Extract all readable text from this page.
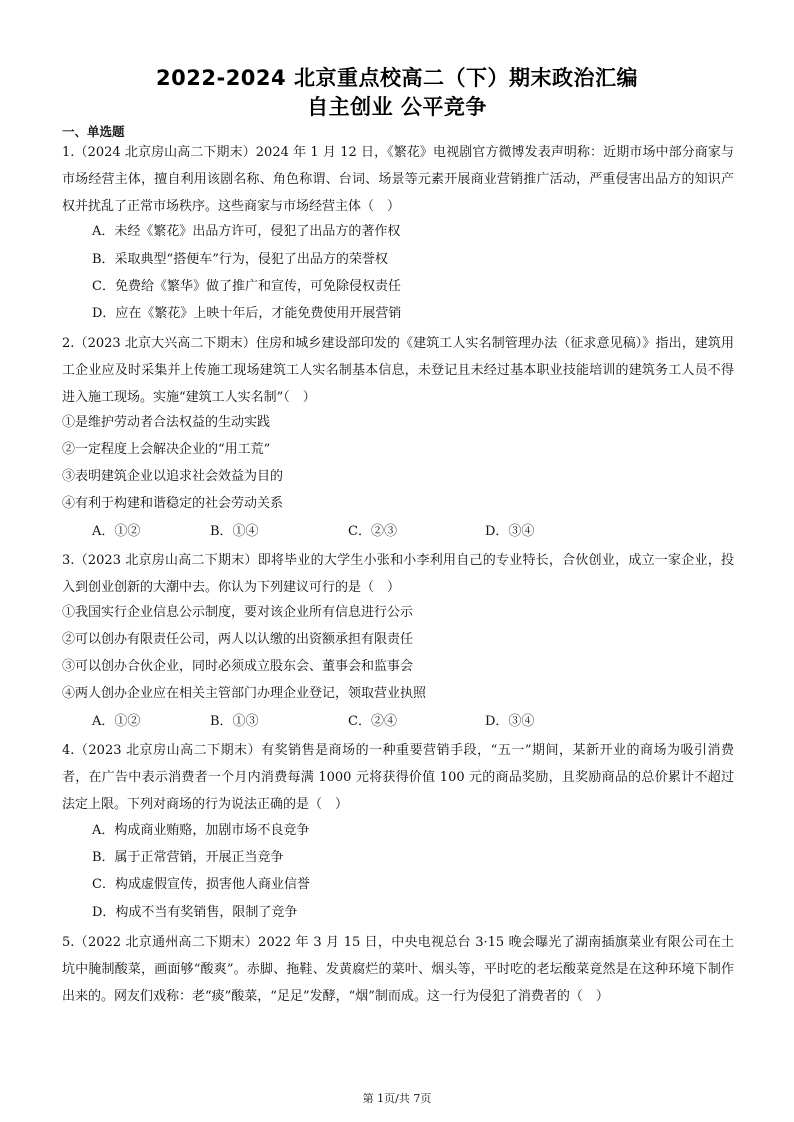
2022-2024 北京重点校高二（下）期末政治汇编
自主创业 公平竞争
一、单选题
1.（2024 北京房山高二下期末）2024 年 1 月 12 日，《繁花》电视剧官方微博发表声明称：近期市场中部分商家与市场经营主体，擅自利用该剧名称、角色称谓、台词、场景等元素开展商业营销推广活动，严重侵害出品方的知识产权并扰乱了正常市场秩序。这些商家与市场经营主体（　）
A．未经《繁花》出品方许可，侵犯了出品方的著作权
B．采取典型“搭便车”行为，侵犯了出品方的荣誉权
C．免费给《繁华》做了推广和宣传，可免除侵权责任
D．应在《繁花》上映十年后，才能免费使用开展营销
2.（2023 北京大兴高二下期末）住房和城乡建设部印发的《建筑工人实名制管理办法（征求意见稿）》指出，建筑用工企业应及时采集并上传施工现场建筑工人实名制基本信息，未登记且未经过基本职业技能培训的建筑务工人员不得进入施工现场。实施“建筑工人实名制”（　）
①是维护劳动者合法权益的生动实践
②一定程度上会解决企业的“用工荒”
③表明建筑企业以追求社会效益为目的
④有利于构建和谐稳定的社会劳动关系
A．①②	B．①④	C．②③	D．③④
3.（2023 北京房山高二下期末）即将毕业的大学生小张和小李利用自己的专业特长，合伙创业，成立一家企业，投入到创业创新的大潮中去。你认为下列建议可行的是（　）
①我国实行企业信息公示制度，要对该企业所有信息进行公示
②可以创办有限责任公司，两人以认缴的出资额承担有限责任
③可以创办合伙企业，同时必须成立股东会、董事会和监事会
④两人创办企业应在相关主管部门办理企业登记，领取营业执照
A．①②	B．①③	C．②④	D．③④
4.（2023 北京房山高二下期末）有奖销售是商场的一种重要营销手段，“五一”期间，某新开业的商场为吸引消费者，在广告中表示消费者一个月内消费每满 1000 元将获得价值 100 元的商品奖励，且奖励商品的总价累计不超过法定上限。下列对商场的行为说法正确的是（　）
A．构成商业贿赂，加剧市场不良竞争
B．属于正常营销，开展正当竞争
C．构成虚假宣传，损害他人商业信誉
D．构成不当有奖销售，限制了竞争
5.（2022 北京通州高二下期末）2022 年 3 月 15 日，中央电视总台 3·15 晚会曝光了湖南插旗菜业有限公司在土坑中腌制酸菜，画面够“酸爽”。赤脚、拖鞋、发黄腐烂的菜叶、烟头等，平时吃的老坛酸菜竟然是在这种环境下制作出来的。网友们戏称：老“痰”酸菜，“足足”发酵，“烟”制而成。这一行为侵犯了消费者的（　）
第 1页/共 7页
